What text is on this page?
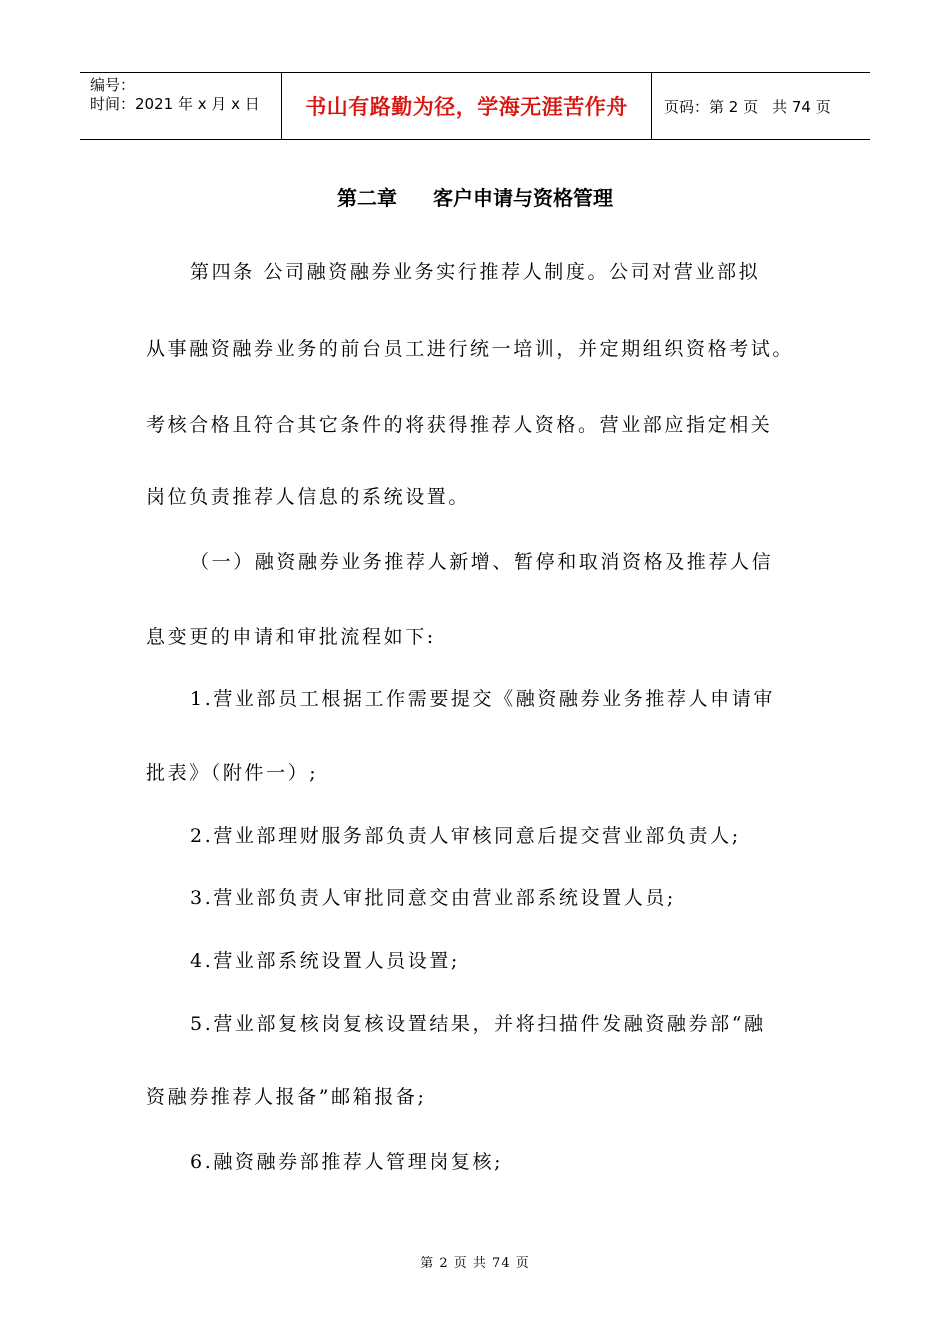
编号：
时间：2021 年 x 月 x 日	书山有路勤为径，学海无涯苦作舟	页码：第 2 页 共 74 页
第二章 客户申请与资格管理
第四条 公司融资融券业务实行推荐人制度。公司对营业部拟
从事融资融券业务的前台员工进行统一培训，并定期组织资格考试。
考核合格且符合其它条件的将获得推荐人资格。营业部应指定相关
岗位负责推荐人信息的系统设置。
（一）融资融券业务推荐人新增、暂停和取消资格及推荐人信
息变更的申请和审批流程如下:
1.营业部员工根据工作需要提交《融资融券业务推荐人申请审
批表》（附件一）;
2.营业部理财服务部负责人审核同意后提交营业部负责人;
3.营业部负责人审批同意交由营业部系统设置人员;
4.营业部系统设置人员设置;
5.营业部复核岗复核设置结果，并将扫描件发融资融券部“融
资融券推荐人报备”邮箱报备;
6.融资融券部推荐人管理岗复核;
第 2 页 共 74 页
